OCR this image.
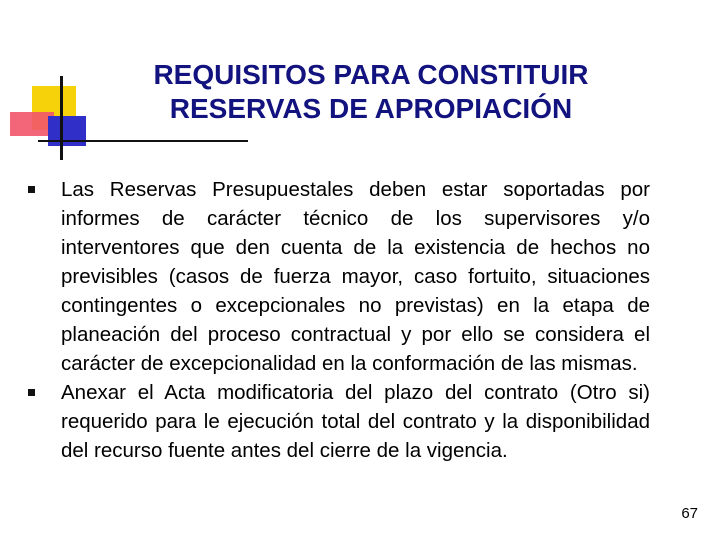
REQUISITOS PARA CONSTITUIR
RESERVAS DE APROPIACIÓN
Las Reservas Presupuestales deben estar soportadas por informes de carácter técnico de los supervisores y/o interventores que den cuenta de la existencia de hechos no previsibles (casos de fuerza mayor, caso fortuito, situaciones contingentes o excepcionales no previstas) en la etapa de planeación del proceso contractual y por ello se considera el carácter de excepcionalidad en la conformación de las mismas.
Anexar el Acta modificatoria del plazo del contrato (Otro si) requerido para le ejecución total del contrato y la disponibilidad del recurso fuente antes del cierre de la vigencia.
67
